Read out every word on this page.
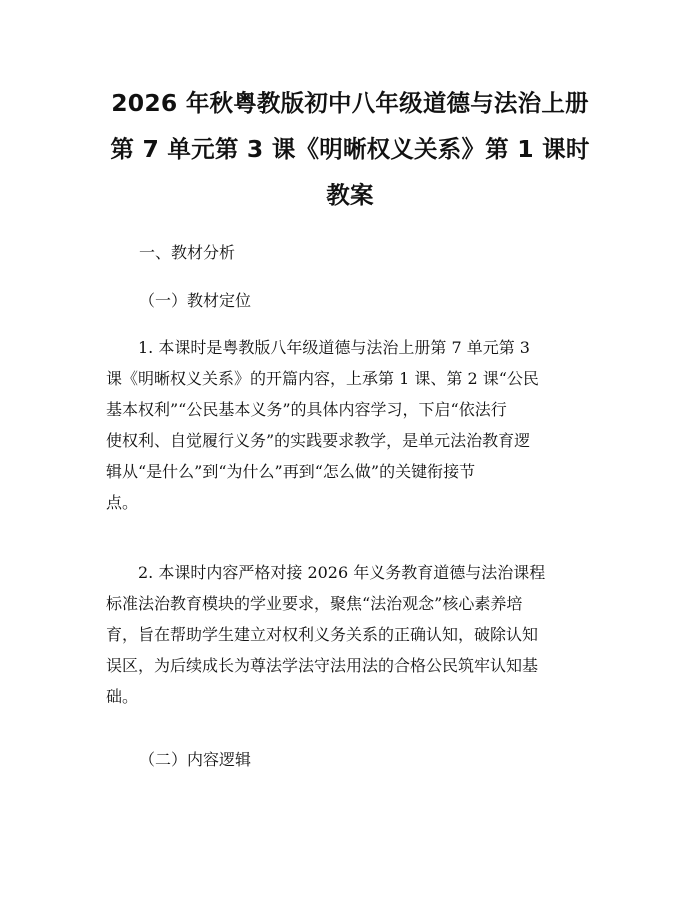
2026 年秋粤教版初中八年级道德与法治上册
第 7 单元第 3 课《明晰权义关系》第 1 课时
教案
一、教材分析
（一）教材定位
1. 本课时是粤教版八年级道德与法治上册第 7 单元第 3
课《明晰权义关系》的开篇内容，上承第 1 课、第 2 课“公民
基本权利”“公民基本义务”的具体内容学习，下启“依法行
使权利、自觉履行义务”的实践要求教学，是单元法治教育逻
辑从“是什么”到“为什么”再到“怎么做”的关键衔接节
点。
2. 本课时内容严格对接 2026 年义务教育道德与法治课程
标准法治教育模块的学业要求，聚焦“法治观念”核心素养培
育，旨在帮助学生建立对权利义务关系的正确认知，破除认知
误区，为后续成长为尊法学法守法用法的合格公民筑牢认知基
础。
（二）内容逻辑
